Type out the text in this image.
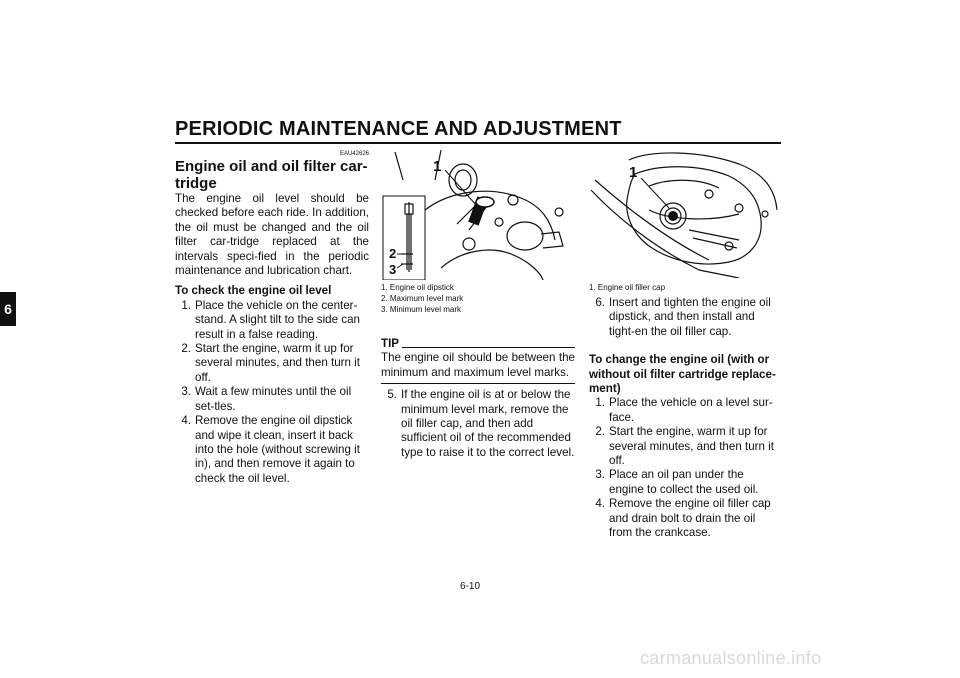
PERIODIC MAINTENANCE AND ADJUSTMENT
6
EAU42626
Engine oil and oil filter car-tridge
The engine oil level should be checked before each ride. In addition, the oil must be changed and the oil filter car-tridge replaced at the intervals speci-fied in the periodic maintenance and lubrication chart.
To check the engine oil level
1. Place the vehicle on the center-stand. A slight tilt to the side can result in a false reading.
2. Start the engine, warm it up for several minutes, and then turn it off.
3. Wait a few minutes until the oil set-tles.
4. Remove the engine oil dipstick and wipe it clean, insert it back into the hole (without screwing it in), and then remove it again to check the oil level.
1
2
3
1. Engine oil dipstick
2. Maximum level mark
3. Minimum level mark
TIP
The engine oil should be between the minimum and maximum level marks.
5. If the engine oil is at or below the minimum level mark, remove the oil filler cap, and then add sufficient oil of the recommended type to raise it to the correct level.
1
1. Engine oil filler cap
6. Insert and tighten the engine oil dipstick, and then install and tight-en the oil filler cap.
To change the engine oil (with or without oil filter cartridge replace-ment)
1. Place the vehicle on a level sur-face.
2. Start the engine, warm it up for several minutes, and then turn it off.
3. Place an oil pan under the engine to collect the used oil.
4. Remove the engine oil filler cap and drain bolt to drain the oil from the crankcase.
6-10
carmanualsonline.info
